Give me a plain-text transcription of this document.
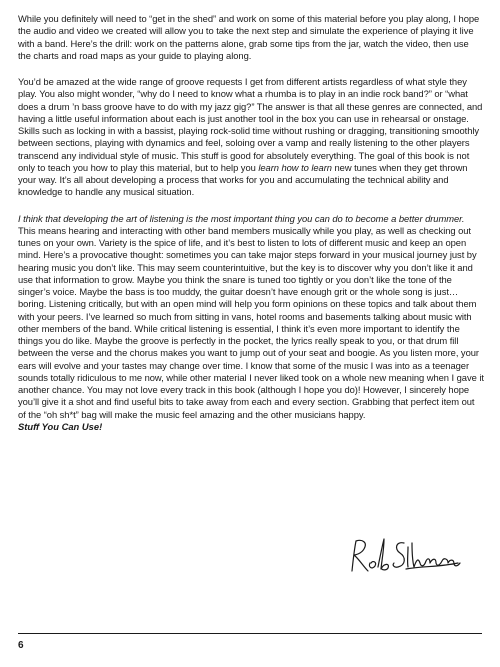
While you definitely will need to “get in the shed” and work on some of this material before you play along, I hope the audio and video we created will allow you to take the next step and simulate the experience of playing it live with a band. Here’s the drill: work on the patterns alone, grab some tips from the jar, watch the video, then use the charts and road maps as your guide to playing along.

You’d be amazed at the wide range of groove requests I get from different artists regardless of what style they play. You also might wonder, “why do I need to know what a rhumba is to play in an indie rock band?” or “what does a drum ’n bass groove have to do with my jazz gig?” The answer is that all these genres are connected, and having a little useful information about each is just another tool in the box you can use in rehearsal or onstage. Skills such as locking in with a bassist, playing rock-solid time without rushing or dragging, transitioning smoothly between sections, playing with dynamics and feel, soloing over a vamp and really listening to the other players transcend any individual style of music. This stuff is good for absolutely everything. The goal of this book is not only to teach you how to play this material, but to help you learn how to learn new tunes when they get thrown your way. It’s all about developing a process that works for you and accumulating the technical ability and knowledge to handle any musical situation.

I think that developing the art of listening is the most important thing you can do to become a better drummer. This means hearing and interacting with other band members musically while you play, as well as checking out tunes on your own. Variety is the spice of life, and it’s best to listen to lots of different music and keep an open mind. Here’s a provocative thought: sometimes you can take major steps forward in your musical journey just by hearing music you don’t like. This may seem counterintuitive, but the key is to discover why you don’t like it and use that information to grow. Maybe you think the snare is tuned too tightly or you don’t like the tone of the singer’s voice. Maybe the bass is too muddy, the guitar doesn’t have enough grit or the whole song is just…boring. Listening critically, but with an open mind will help you form opinions on these topics and talk about them with your peers. I’ve learned so much from sitting in vans, hotel rooms and basements talking about music with other members of the band. While critical listening is essential, I think it’s even more important to identify the things you do like. Maybe the groove is perfectly in the pocket, the lyrics really speak to you, or that drum fill between the verse and the chorus makes you want to jump out of your seat and boogie. As you listen more, your ears will evolve and your tastes may change over time. I know that some of the music I was into as a teenager sounds totally ridiculous to me now, while other material I never liked took on a whole new meaning when I gave it another chance. You may not love every track in this book (although I hope you do)! However, I sincerely hope you’ll give it a shot and find useful bits to take away from each and every section. Grabbing that perfect item out of the “oh sh*t” bag will make the music feel amazing and the other musicians happy.

Stuff You Can Use!

6
